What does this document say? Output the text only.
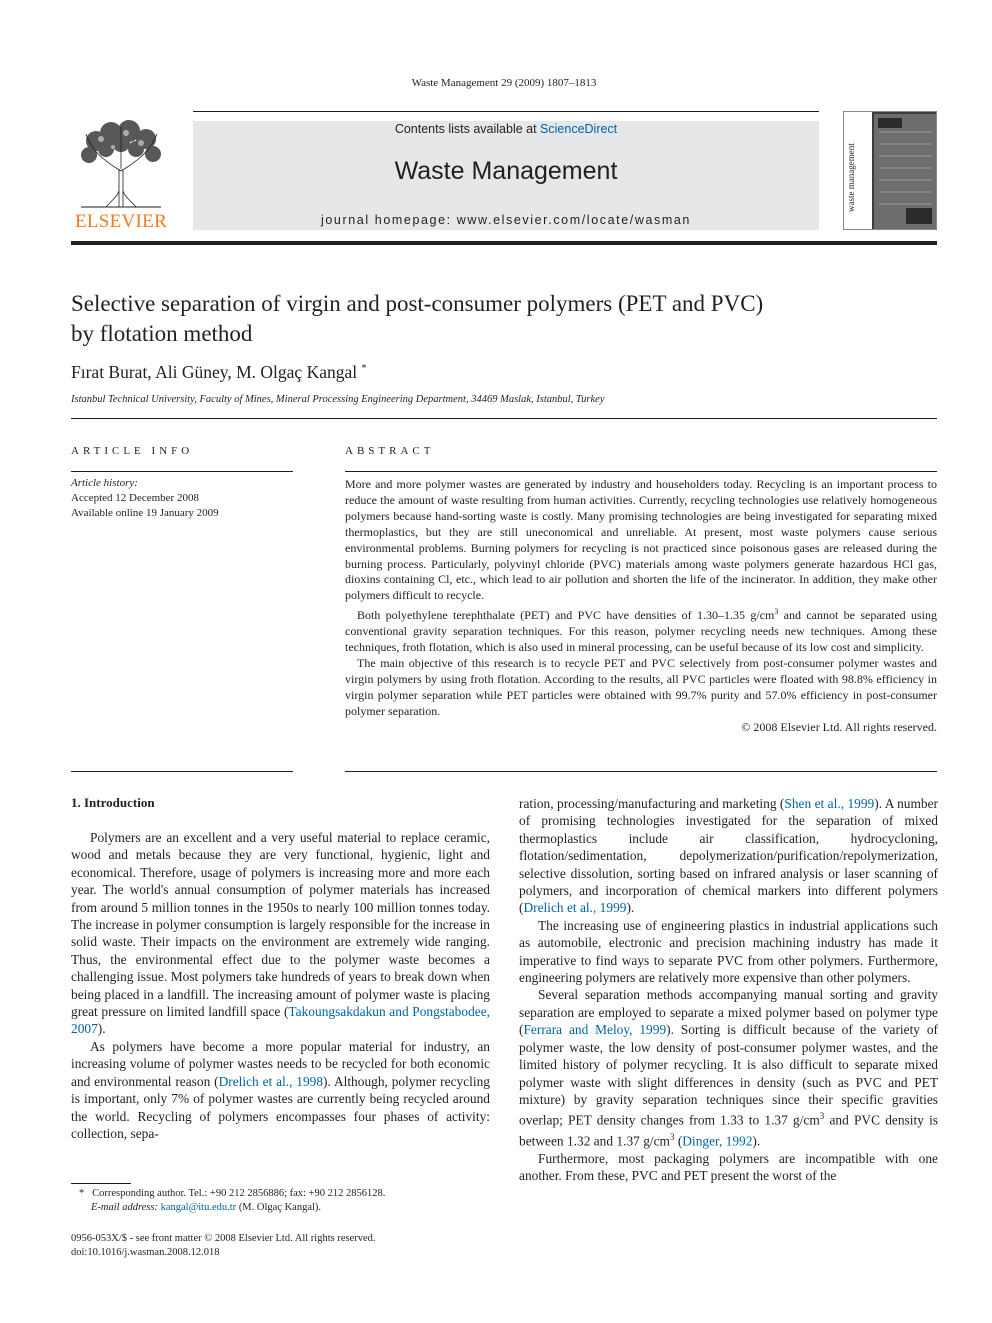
Waste Management 29 (2009) 1807–1813
ELSEVIER
Contents lists available at ScienceDirect
Waste Management
journal homepage: www.elsevier.com/locate/wasman
waste management
Selective separation of virgin and post-consumer polymers (PET and PVC)
by flotation method
Fırat Burat, Ali Güney, M. Olgaç Kangal *
Istanbul Technical University, Faculty of Mines, Mineral Processing Engineering Department, 34469 Maslak, Istanbul, Turkey
ARTICLE INFO
Article history:
Accepted 12 December 2008
Available online 19 January 2009
ABSTRACT

More and more polymer wastes are generated by industry and householders today. Recycling is an important process to reduce the amount of waste resulting from human activities. Currently, recycling technologies use relatively homogeneous polymers because hand-sorting waste is costly. Many promising technologies are being investigated for separating mixed thermoplastics, but they are still uneconomical and unreliable. At present, most waste polymers cause serious environmental problems. Burning polymers for recycling is not practiced since poisonous gases are released during the burning process. Particularly, polyvinyl chloride (PVC) materials among waste polymers generate hazardous HCl gas, dioxins containing Cl, etc., which lead to air pollution and shorten the life of the incinerator. In addition, they make other polymers difficult to recycle.

Both polyethylene terephthalate (PET) and PVC have densities of 1.30–1.35 $g/cm^3$ and cannot be separated using conventional gravity separation techniques. For this reason, polymer recycling needs new techniques. Among these techniques, froth flotation, which is also used in mineral processing, can be useful because of its low cost and simplicity.

The main objective of this research is to recycle PET and PVC selectively from post-consumer polymer wastes and virgin polymers by using froth flotation. According to the results, all PVC particles were floated with 98.8% efficiency in virgin polymer separation while PET particles were obtained with 99.7% purity and 57.0% efficiency in post-consumer polymer separation.

© 2008 Elsevier Ltd. All rights reserved.
1. Introduction

Polymers are an excellent and a very useful material to replace ceramic, wood and metals because they are very functional, hygienic, light and economical. Therefore, usage of polymers is increasing more and more each year. The world's annual consumption of polymer materials has increased from around 5 million tonnes in the 1950s to nearly 100 million tonnes today. The increase in polymer consumption is largely responsible for the increase in solid waste. Their impacts on the environment are extremely wide ranging. Thus, the environmental effect due to the polymer waste becomes a challenging issue. Most polymers take hundreds of years to break down when being placed in a landfill. The increasing amount of polymer waste is placing great pressure on limited landfill space (Takoungsakdakun and Pongstabodee, 2007).

As polymers have become a more popular material for industry, an increasing volume of polymer wastes needs to be recycled for both economic and environmental reason (Drelich et al., 1998). Although, polymer recycling is important, only 7% of polymer wastes are currently being recycled around the world. Recycling of polymers encompasses four phases of activity: collection, sepa-

ration, processing/manufacturing and marketing (Shen et al., 1999). A number of promising technologies investigated for the separation of mixed thermoplastics include air classification, hydrocycloning, flotation/sedimentation, depolymerization/purification/repolymerization, selective dissolution, sorting based on infrared analysis or laser scanning of polymers, and incorporation of chemical markers into different polymers (Drelich et al., 1999).

The increasing use of engineering plastics in industrial applications such as automobile, electronic and precision machining industry has made it imperative to find ways to separate PVC from other polymers. Furthermore, engineering polymers are relatively more expensive than other polymers.

Several separation methods accompanying manual sorting and gravity separation are employed to separate a mixed polymer based on polymer type (Ferrara and Meloy, 1999). Sorting is difficult because of the variety of polymer waste, the low density of post-consumer polymer wastes, and the limited history of polymer recycling. It is also difficult to separate mixed polymer waste with slight differences in density (such as PVC and PET mixture) by gravity separation techniques since their specific gravities overlap; PET density changes from 1.33 to 1.37 $g/cm^3$ and PVC density is between 1.32 and 1.37 $g/cm^3$ (Dinger, 1992).

Furthermore, most packaging polymers are incompatible with one another. From these, PVC and PET present the worst of the

* Corresponding author. Tel.: +90 212 2856886; fax: +90 212 2856128.
E-mail address: kangal@itu.edu.tr (M. Olgaç Kangal).
0956-053X/$ - see front matter © 2008 Elsevier Ltd. All rights reserved.
doi:10.1016/j.wasman.2008.12.018
